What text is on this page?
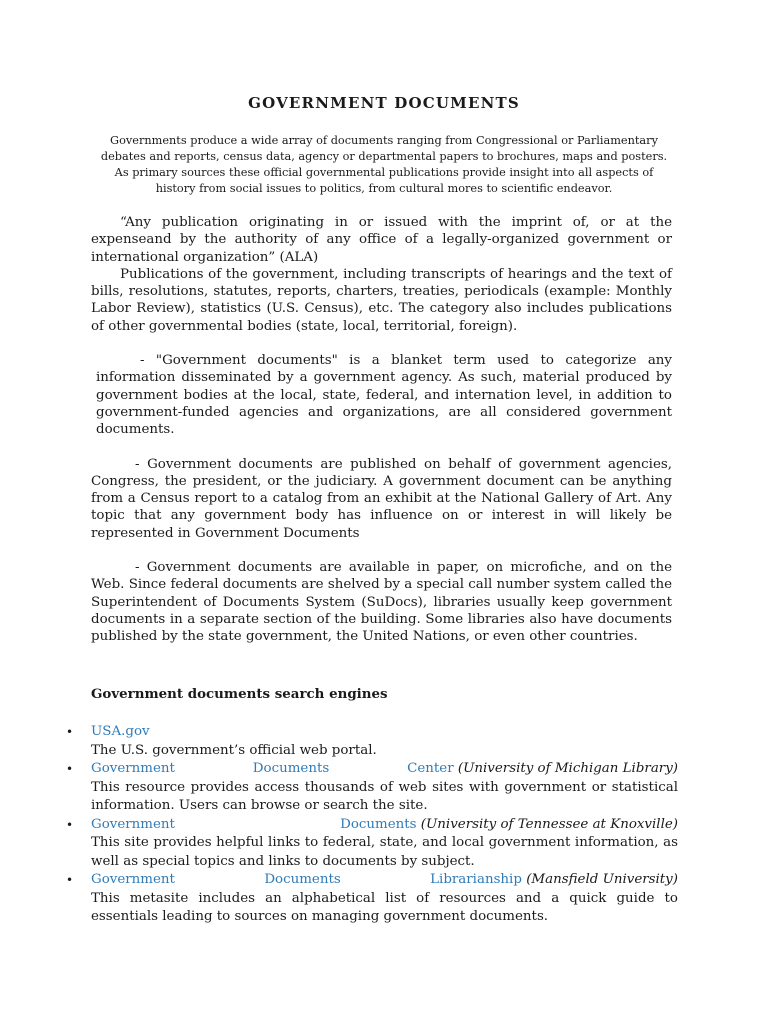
GOVERNMENT DOCUMENTS

Governments produce a wide array of documents ranging from Congressional or Parliamentary debates and reports, census data, agency or departmental papers to brochures, maps and posters. As primary sources these official governmental publications provide insight into all aspects of history from social issues to politics, from cultural mores to scientific endeavor.

“Any publication originating in or issued with the imprint of, or at the expenseand by the authority of any office of a legally-organized government or international organization” (ALA)

Publications of the government, including transcripts of hearings and the text of bills, resolutions, statutes, reports, charters, treaties, periodicals (example: Monthly Labor Review), statistics (U.S. Census), etc. The category also includes publications of other governmental bodies (state, local, territorial, foreign).

- "Government documents" is a blanket term used to categorize any information disseminated by a government agency. As such, material produced by government bodies at the local, state, federal, and internation level, in addition to government-funded agencies and organizations, are all considered government documents.

- Government documents are published on behalf of government agencies, Congress, the president, or the judiciary. A government document can be anything from a Census report to a catalog from an exhibit at the National Gallery of Art. Any topic that any government body has influence on or interest in will likely be represented in Government Documents

- Government documents are available in paper, on microfiche, and on the Web. Since federal documents are shelved by a special call number system called the Superintendent of Documents System (SuDocs), libraries usually keep government documents in a separate section of the building. Some libraries also have documents published by the state government, the United Nations, or even other countries.

Government documents search engines
• USA.gov
The U.S. government’s official web portal.
• Government	Documents	Center (University of Michigan Library)
This resource provides access thousands of web sites with government or statistical information. Users can browse or search the site.
• Government	Documents (University of Tennessee at Knoxville)
This site provides helpful links to federal, state, and local government information, as well as special topics and links to documents by subject.
• Government	Documents	Librarianship (Mansfield University)
This metasite includes an alphabetical list of resources and a quick guide to essentials leading to sources on managing government documents.
